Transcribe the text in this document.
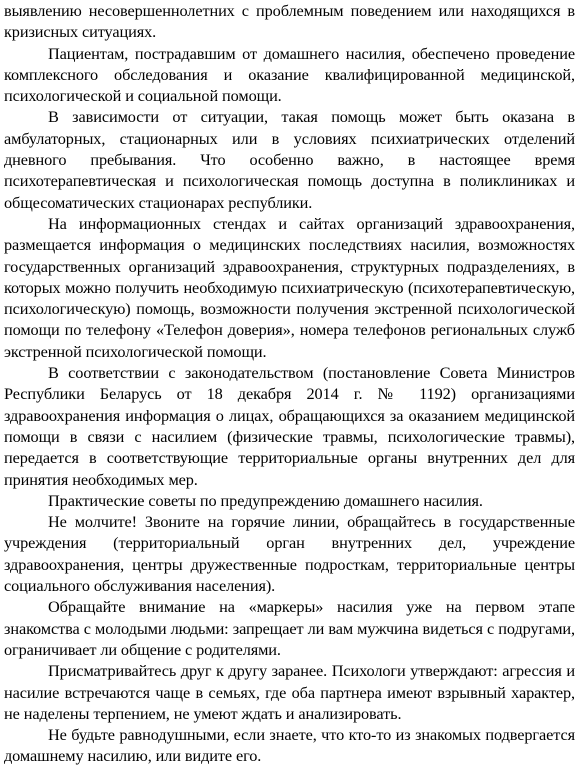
выявлению несовершеннолетних с проблемным поведением или находящихся в кризисных ситуациях.

Пациентам, пострадавшим от домашнего насилия, обеспечено проведение комплексного обследования и оказание квалифицированной медицинской, психологической и социальной помощи.

В зависимости от ситуации, такая помощь может быть оказана в амбулаторных, стационарных или в условиях психиатрических отделений дневного пребывания. Что особенно важно, в настоящее время психотерапевтическая и психологическая помощь доступна в поликлиниках и общесоматических стационарах республики.

На информационных стендах и сайтах организаций здравоохранения, размещается информация о медицинских последствиях насилия, возможностях государственных организаций здравоохранения, структурных подразделениях, в которых можно получить необходимую психиатрическую (психотерапевтическую, психологическую) помощь, возможности получения экстренной психологической помощи по телефону «Телефон доверия», номера телефонов региональных служб экстренной психологической помощи.

В соответствии с законодательством (постановление Совета Министров Республики Беларусь от 18 декабря 2014 г. № 1192) организациями здравоохранения информация о лицах, обращающихся за оказанием медицинской помощи в связи с насилием (физические травмы, психологические травмы), передается в соответствующие территориальные органы внутренних дел для принятия необходимых мер.

Практические советы по предупреждению домашнего насилия.

Не молчите! Звоните на горячие линии, обращайтесь в государственные учреждения (территориальный орган внутренних дел, учреждение здравоохранения, центры дружественные подросткам, территориальные центры социального обслуживания населения).

Обращайте внимание на «маркеры» насилия уже на первом этапе знакомства с молодыми людьми: запрещает ли вам мужчина видеться с подругами, ограничивает ли общение с родителями.

Присматривайтесь друг к другу заранее. Психологи утверждают: агрессия и насилие встречаются чаще в семьях, где оба партнера имеют взрывный характер, не наделены терпением, не умеют ждать и анализировать.

Не будьте равнодушными, если знаете, что кто-то из знакомых подвергается домашнему насилию, или видите его.
